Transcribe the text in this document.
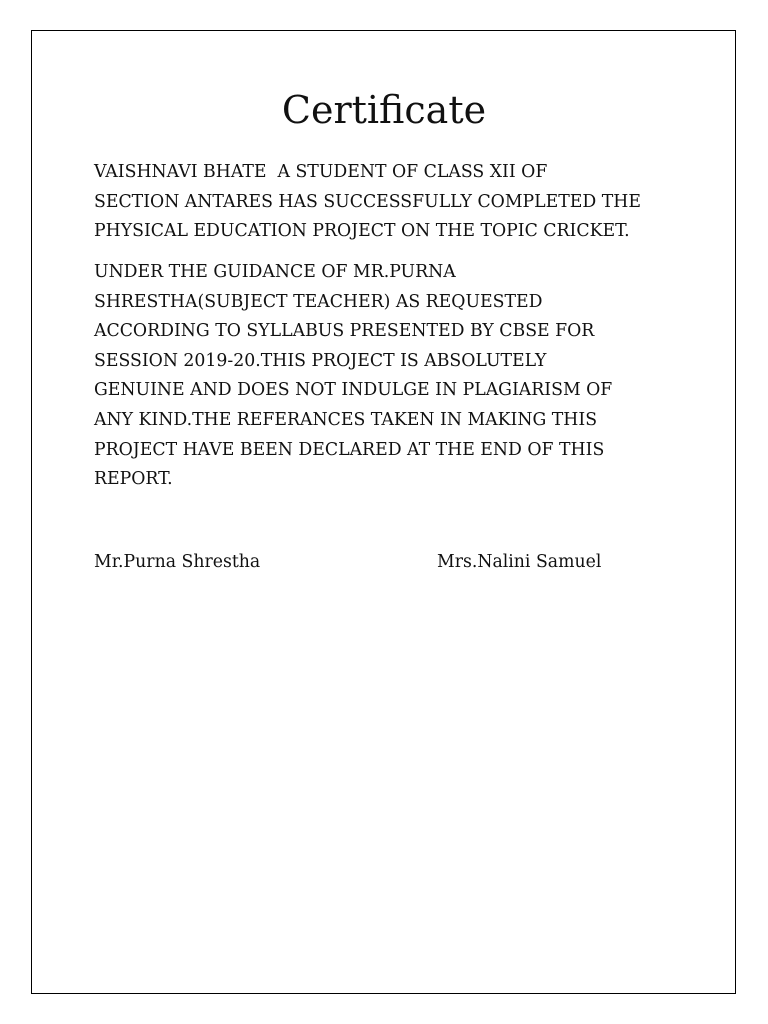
Certificate

VAISHNAVI BHATE  A STUDENT OF CLASS XII OF
SECTION ANTARES HAS SUCCESSFULLY COMPLETED THE
PHYSICAL EDUCATION PROJECT ON THE TOPIC CRICKET.

UNDER THE GUIDANCE OF MR.PURNA
SHRESTHA(SUBJECT TEACHER) AS REQUESTED
ACCORDING TO SYLLABUS PRESENTED BY CBSE FOR
SESSION 2019-20.THIS PROJECT IS ABSOLUTELY
GENUINE AND DOES NOT INDULGE IN PLAGIARISM OF
ANY KIND.THE REFERANCES TAKEN IN MAKING THIS
PROJECT HAVE BEEN DECLARED AT THE END OF THIS
REPORT.

Mr.Purna Shrestha	Mrs.Nalini Samuel
